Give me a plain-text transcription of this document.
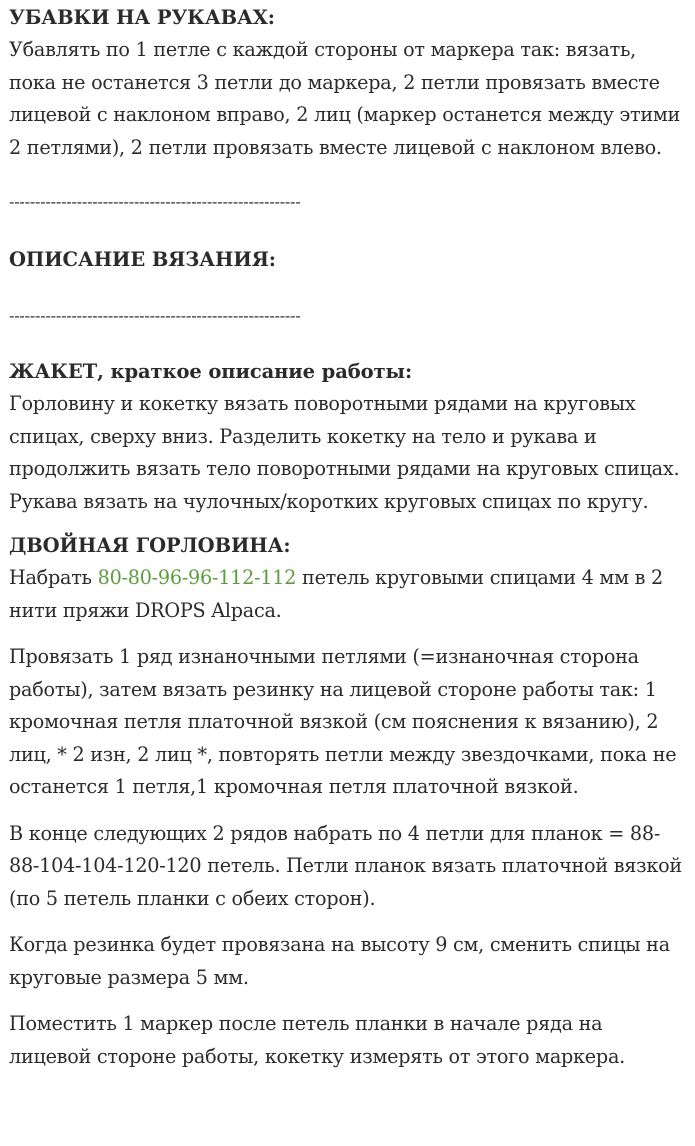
УБАВКИ НА РУКАВАХ:

Убавлять по 1 петле с каждой стороны от маркера так: вязать, пока не останется 3 петли до маркера, 2 петли провязать вместе лицевой с наклоном вправо, 2 лиц (маркер останется между этими 2 петлями), 2 петли провязать вместе лицевой с наклоном влево.

--------------------------------------------------------

ОПИСАНИЕ ВЯЗАНИЯ:

--------------------------------------------------------

ЖАКЕТ, краткое описание работы:

Горловину и кокетку вязать поворотными рядами на круговых спицах, сверху вниз. Разделить кокетку на тело и рукава и продолжить вязать тело поворотными рядами на круговых спицах. Рукава вязать на чулочных/коротких круговых спицах по кругу.

ДВОЙНАЯ ГОРЛОВИНА:

Набрать 80-80-96-96-112-112 петель круговыми спицами 4 мм в 2 нити пряжи DROPS Alpaca.

Провязать 1 ряд изнаночными петлями (=изнаночная сторона работы), затем вязать резинку на лицевой стороне работы так: 1 кромочная петля платочной вязкой (см пояснения к вязанию), 2 лиц, * 2 изн, 2 лиц *, повторять петли между звездочками, пока не останется 1 петля,1 кромочная петля платочной вязкой.

В конце следующих 2 рядов набрать по 4 петли для планок = 88-88-104-104-120-120 петель. Петли планок вязать платочной вязкой (по 5 петель планки с обеих сторон).

Когда резинка будет провязана на высоту 9 см, сменить спицы на круговые размера 5 мм.

Поместить 1 маркер после петель планки в начале ряда на лицевой стороне работы, кокетку измерять от этого маркера.
